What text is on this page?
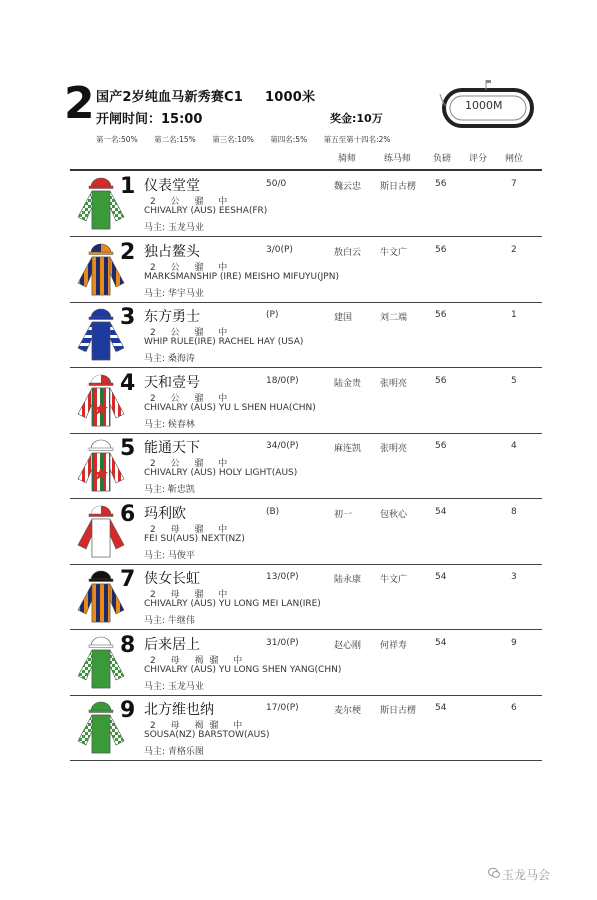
2 国产2岁纯血马新秀赛C1 1000米
开闸时间：15:00	奖金:10万
第一名:50% 第二名:15% 第三名:10% 第四名:5% 第五至第十四名:2%
1000M
骑师	练马师 负磅 评分 闸位
1 仪表堂堂	50/0	魏云忠 斯日古楞 56	7
2 公 骝 中
CHIVALRY (AUS) EESHA(FR)
马主: 玉龙马业
2 独占鳌头	3/0(P)	敖白云 牛文广	56	2
2 公 骝 中
MARKSMANSHIP (IRE) MEISHO MIFUYU(JPN)
马主: 华宇马业
3 东方勇士	(P)	建国	刘二端	56	1
2 公 骝 中
WHIP RULE(IRE) RACHEL HAY (USA)
马主: 桑海涛
4 天和壹号	18/0(P)	陆金贵 张明亮	56	5
2 公 骝 中
CHIVALRY (AUS) YU L SHEN HUA(CHN)
马主: 候春林
5 能通天下	34/0(P)	麻连凯 张明亮	56	4
2 公 骝 中
CHIVALRY (AUS) HOLY LIGHT(AUS)
马主: 靳忠凯
6 玛利欧	(B)	初一	包秋心	54	8
2 母 骝 中
FEI SU(AUS) NEXT(NZ)
马主: 马俊平
7 侠女长虹	13/0(P)	陆永康 牛文广	54	3
2 母 骝 中
CHIVALRY (AUS) YU LONG MEI LAN(IRE)
马主: 牛继伟
8 后来居上	31/0(P)	赵心刚 何祥寿	54	9
2 母 褐骝 中
CHIVALRY (AUS) YU LONG SHEN YANG(CHN)
马主: 玉龙马业
9 北方维也纳	17/0(P)	麦尔梗 斯日古楞 54	6
2 母 褐骝 中
SOUSA(NZ) BARSTOW(AUS)
马主: 青格乐图
玉龙马会
